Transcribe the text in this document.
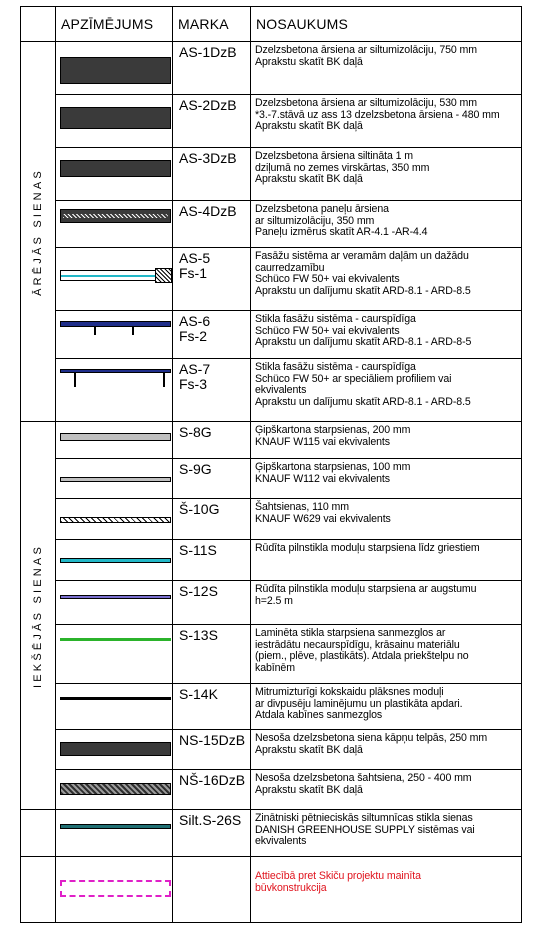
	APZĪMĒJUMS	MARKA	NOSAUKUMS

ĀRĒJĀS SIENAS		AS-1DzB	Dzelzsbetona ārsiena ar siltumizolāciju, 750 mm
Aprakstu skatīt BK daļā

		AS-2DzB	Dzelzsbetona ārsiena ar siltumizolāciju, 530 mm
*3.-7.stāvā uz ass 13 dzelzsbetona ārsiena - 480 mm
Aprakstu skatīt BK daļā

		AS-3DzB	Dzelzsbetona ārsiena siltināta 1 m
dziļumā no zemes virskārtas, 350 mm
Aprakstu skatīt BK daļā

		AS-4DzB	Dzelzsbetona paneļu ārsiena
ar siltumizolāciju, 350 mm
Paneļu izmērus skatīt AR-4.1 -AR-4.4

		AS-5
Fs-1	Fasāžu sistēma ar veramām daļām un dažādu
caurredzamību
Schüco FW 50+ vai ekvivalents
Aprakstu un dalījumu skatīt ARD-8.1 - ARD-8.5

		AS-6
Fs-2	Stikla fasāžu sistēma - caurspīdīga
Schüco FW 50+ vai ekvivalents
Aprakstu un dalījumu skatīt ARD-8.1 - ARD-8-5

		AS-7
Fs-3	Stikla fasāžu sistēma - caurspīdīga
Schüco FW 50+ ar speciāliem profiliem vai
ekvivalents
Aprakstu un dalījumu skatīt ARD-8.1 - ARD-8.5

IEKŠĒJĀS SIENAS		S-8G	Ģipškartona starpsienas, 200 mm
KNAUF W115 vai ekvivalents

		S-9G	Ģipškartona starpsienas, 100 mm
KNAUF W112 vai ekvivalents

		Š-10G	Šahtsienas, 110 mm
KNAUF W629 vai ekvivalents

		S-11S	Rūdīta pilnstikla moduļu starpsiena līdz griestiem

		S-12S	Rūdīta pilnstikla moduļu starpsiena ar augstumu
h=2.5 m

		S-13S	Laminēta stikla starpsiena sanmezglos ar
iestrādātu necaurspīdīgu, krāsainu materiālu
(piem., plēve, plastikāts). Atdala priekštelpu no
kabīnēm

		S-14K	Mitrumizturīgi kokskaidu plāksnes moduļi
ar divpusēju laminējumu un plastikāta apdari.
Atdala kabīnes sanmezglos

		NS-15DzB	Nesoša dzelzsbetona siena kāpņu telpās, 250 mm
Aprakstu skatīt BK daļā

		NŠ-16DzB	Nesoša dzelzsbetona šahtsiena, 250 - 400 mm
Aprakstu skatīt BK daļā

		Silt.S-26S	Zinātniski pētnieciskās siltumnīcas stikla sienas
DANISH GREENHOUSE SUPPLY sistēmas vai
ekvivalents

			Attiecībā pret Skiču projektu mainīta
būvkonstrukcija
